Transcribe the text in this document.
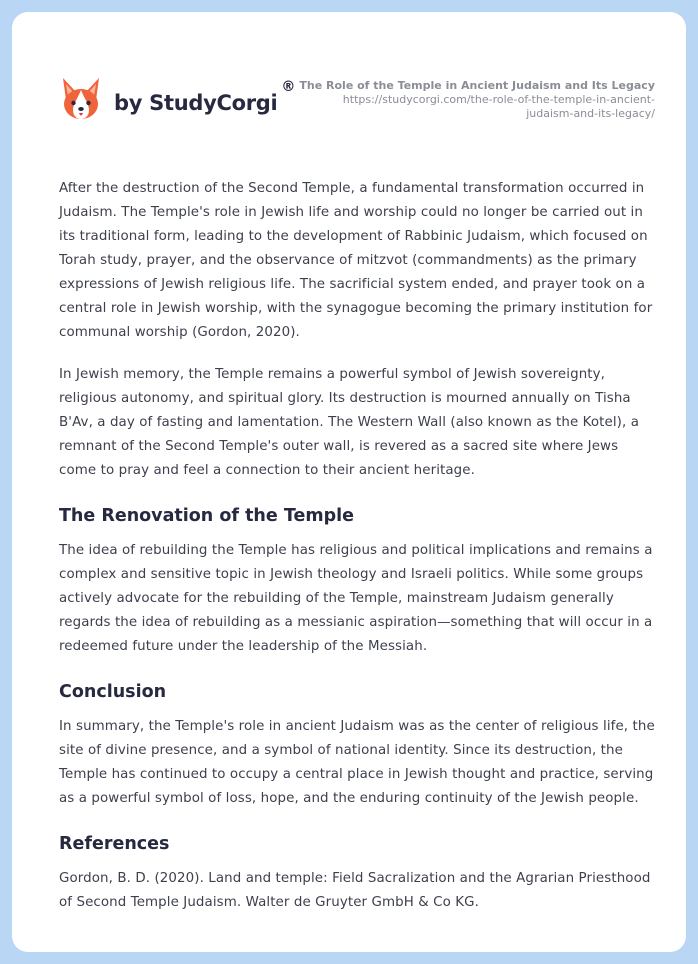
by StudyCorgi
® The Role of the Temple in Ancient Judaism and Its Legacy
https://studycorgi.com/the-role-of-the-temple-in-ancient-
judaism-and-its-legacy/

After the destruction of the Second Temple, a fundamental transformation occurred in Judaism. The Temple's role in Jewish life and worship could no longer be carried out in its traditional form, leading to the development of Rabbinic Judaism, which focused on Torah study, prayer, and the observance of mitzvot (commandments) as the primary expressions of Jewish religious life. The sacrificial system ended, and prayer took on a central role in Jewish worship, with the synagogue becoming the primary institution for communal worship (Gordon, 2020).

In Jewish memory, the Temple remains a powerful symbol of Jewish sovereignty, religious autonomy, and spiritual glory. Its destruction is mourned annually on Tisha B'Av, a day of fasting and lamentation. The Western Wall (also known as the Kotel), a remnant of the Second Temple's outer wall, is revered as a sacred site where Jews come to pray and feel a connection to their ancient heritage.

The Renovation of the Temple

The idea of rebuilding the Temple has religious and political implications and remains a complex and sensitive topic in Jewish theology and Israeli politics. While some groups actively advocate for the rebuilding of the Temple, mainstream Judaism generally regards the idea of rebuilding as a messianic aspiration—something that will occur in a redeemed future under the leadership of the Messiah.

Conclusion

In summary, the Temple's role in ancient Judaism was as the center of religious life, the site of divine presence, and a symbol of national identity. Since its destruction, the Temple has continued to occupy a central place in Jewish thought and practice, serving as a powerful symbol of loss, hope, and the enduring continuity of the Jewish people.

References

Gordon, B. D. (2020). Land and temple: Field Sacralization and the Agrarian Priesthood of Second Temple Judaism. Walter de Gruyter GmbH & Co KG.
